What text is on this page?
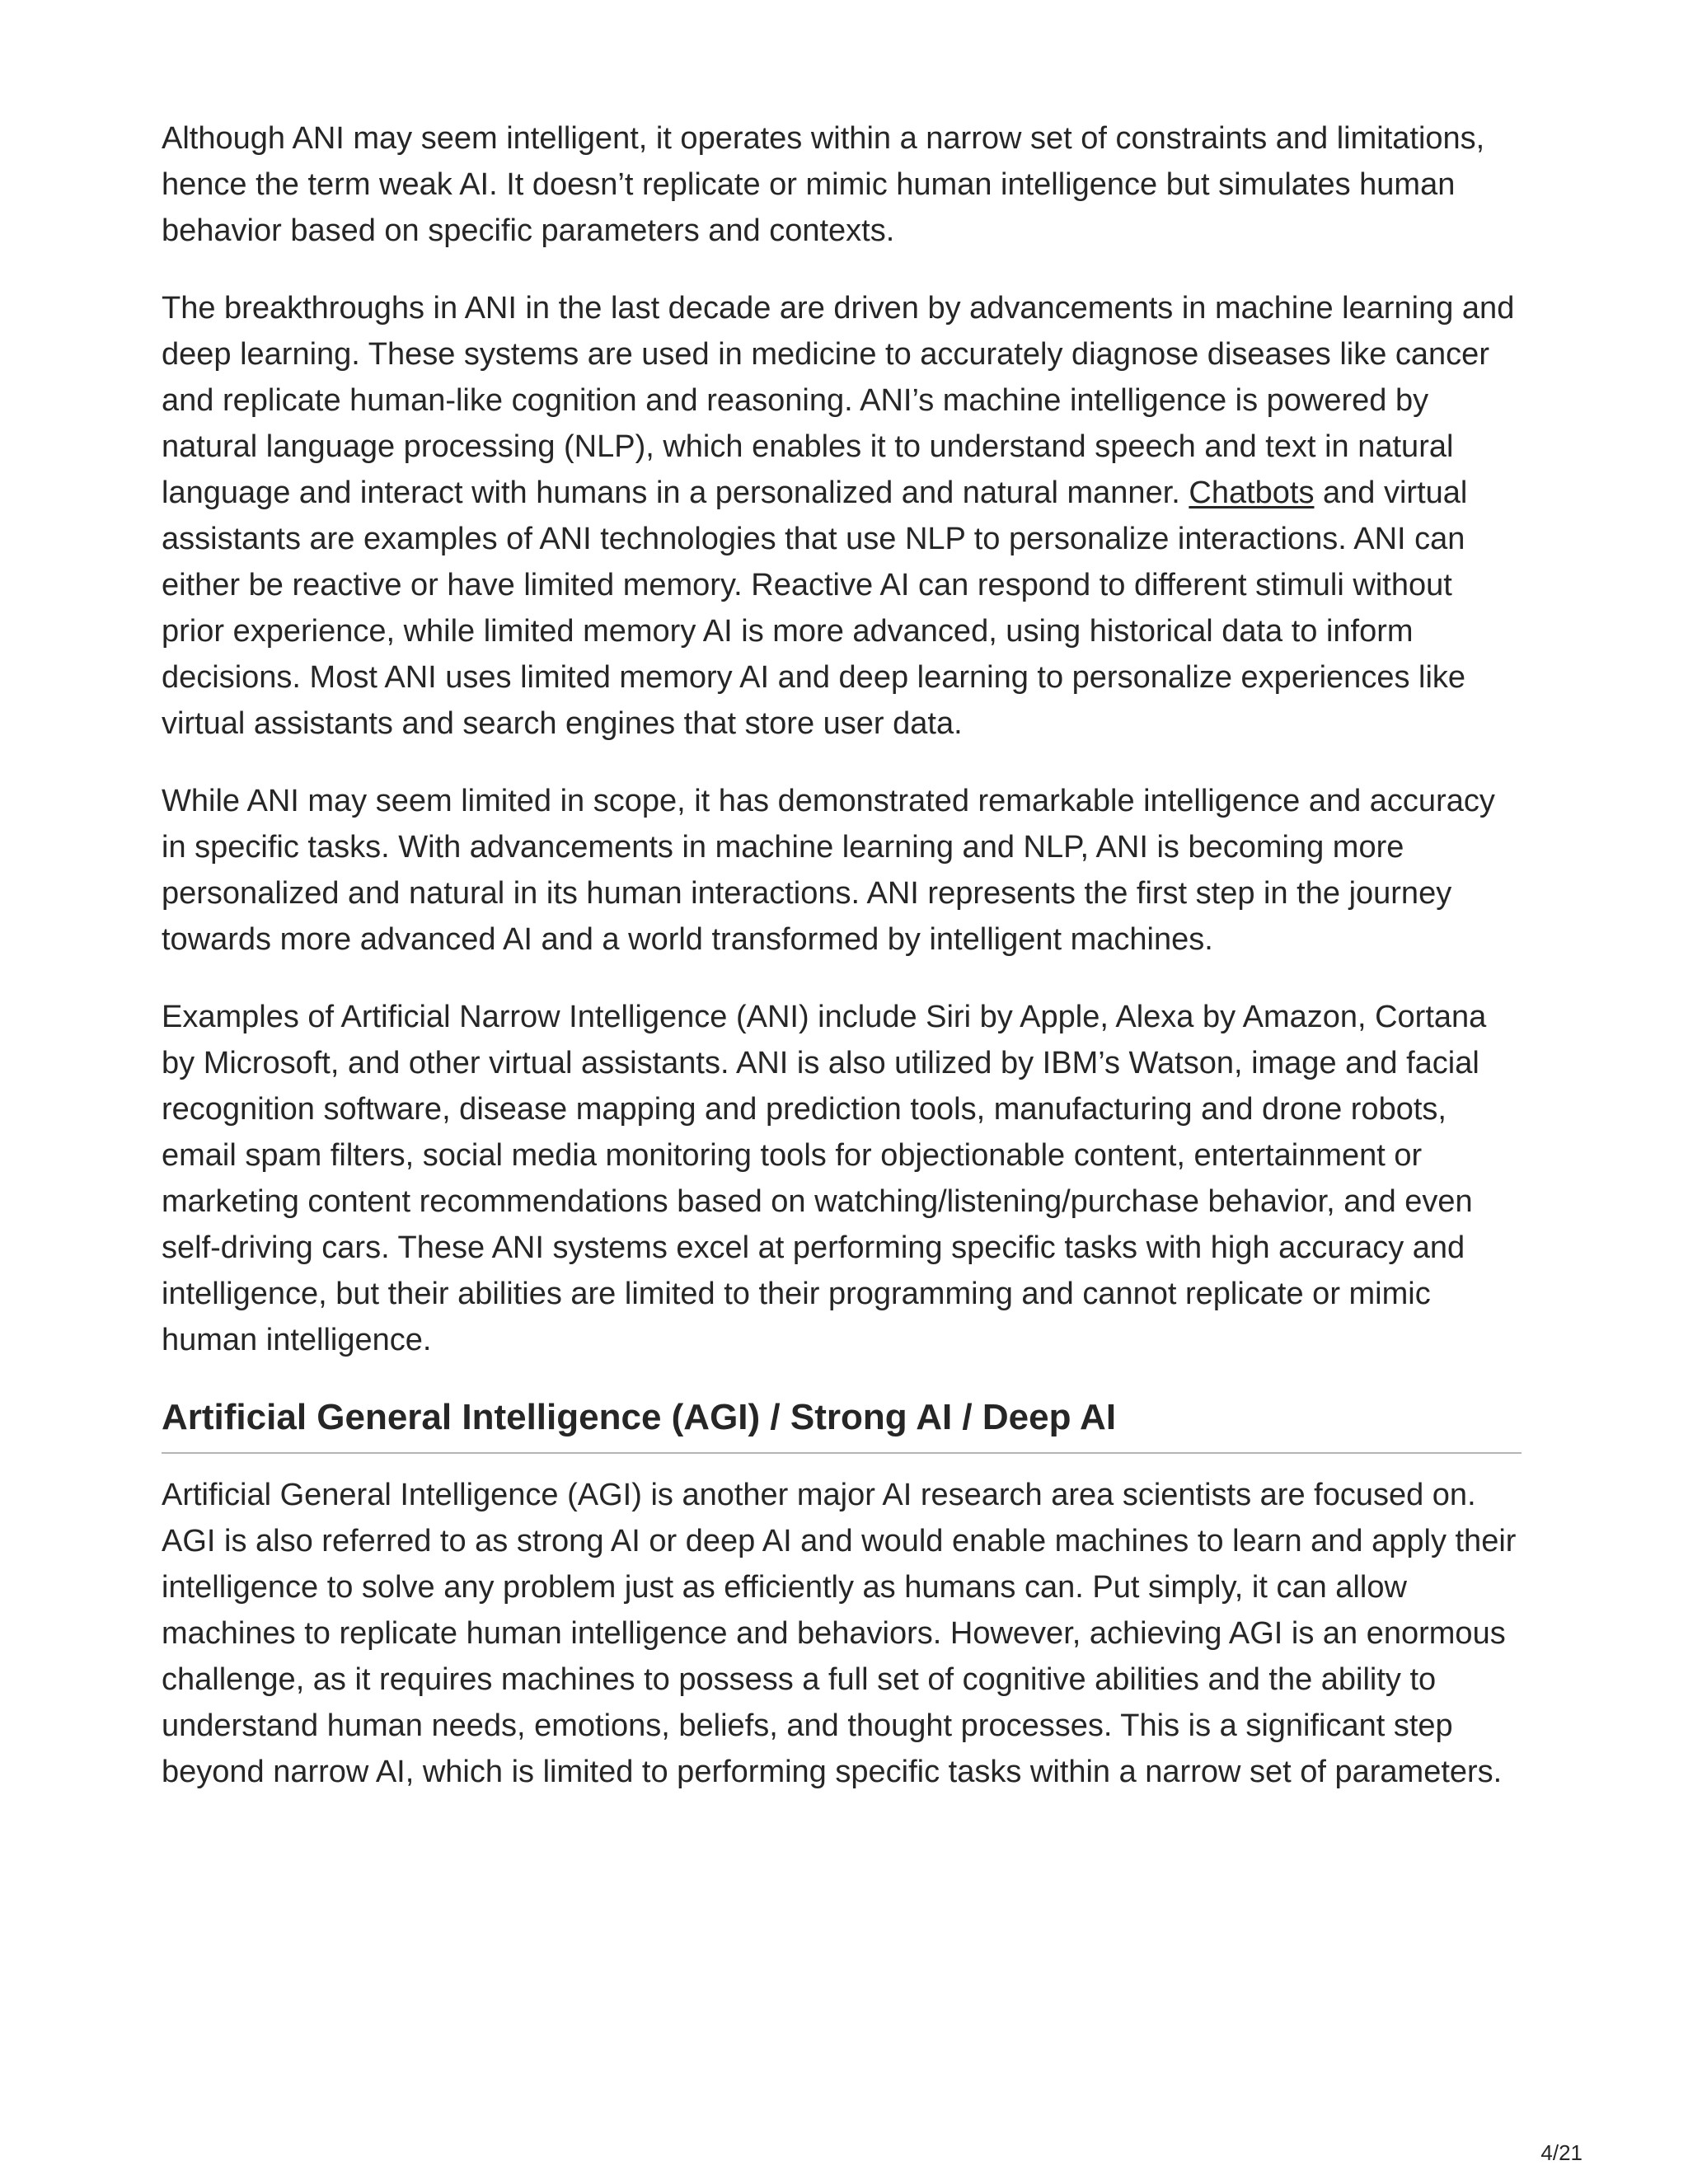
Although ANI may seem intelligent, it operates within a narrow set of constraints and limitations, hence the term weak AI. It doesn’t replicate or mimic human intelligence but simulates human behavior based on specific parameters and contexts.

The breakthroughs in ANI in the last decade are driven by advancements in machine learning and deep learning. These systems are used in medicine to accurately diagnose diseases like cancer and replicate human-like cognition and reasoning. ANI’s machine intelligence is powered by natural language processing (NLP), which enables it to understand speech and text in natural language and interact with humans in a personalized and natural manner. Chatbots and virtual assistants are examples of ANI technologies that use NLP to personalize interactions. ANI can either be reactive or have limited memory. Reactive AI can respond to different stimuli without prior experience, while limited memory AI is more advanced, using historical data to inform decisions. Most ANI uses limited memory AI and deep learning to personalize experiences like virtual assistants and search engines that store user data.

While ANI may seem limited in scope, it has demonstrated remarkable intelligence and accuracy in specific tasks. With advancements in machine learning and NLP, ANI is becoming more personalized and natural in its human interactions. ANI represents the first step in the journey towards more advanced AI and a world transformed by intelligent machines.

Examples of Artificial Narrow Intelligence (ANI) include Siri by Apple, Alexa by Amazon, Cortana by Microsoft, and other virtual assistants. ANI is also utilized by IBM’s Watson, image and facial recognition software, disease mapping and prediction tools, manufacturing and drone robots, email spam filters, social media monitoring tools for objectionable content, entertainment or marketing content recommendations based on watching/listening/purchase behavior, and even self-driving cars. These ANI systems excel at performing specific tasks with high accuracy and intelligence, but their abilities are limited to their programming and cannot replicate or mimic human intelligence.

Artificial General Intelligence (AGI) / Strong AI / Deep AI

Artificial General Intelligence (AGI) is another major AI research area scientists are focused on. AGI is also referred to as strong AI or deep AI and would enable machines to learn and apply their intelligence to solve any problem just as efficiently as humans can. Put simply, it can allow machines to replicate human intelligence and behaviors. However, achieving AGI is an enormous challenge, as it requires machines to possess a full set of cognitive abilities and the ability to understand human needs, emotions, beliefs, and thought processes. This is a significant step beyond narrow AI, which is limited to performing specific tasks within a narrow set of parameters.

4/21
